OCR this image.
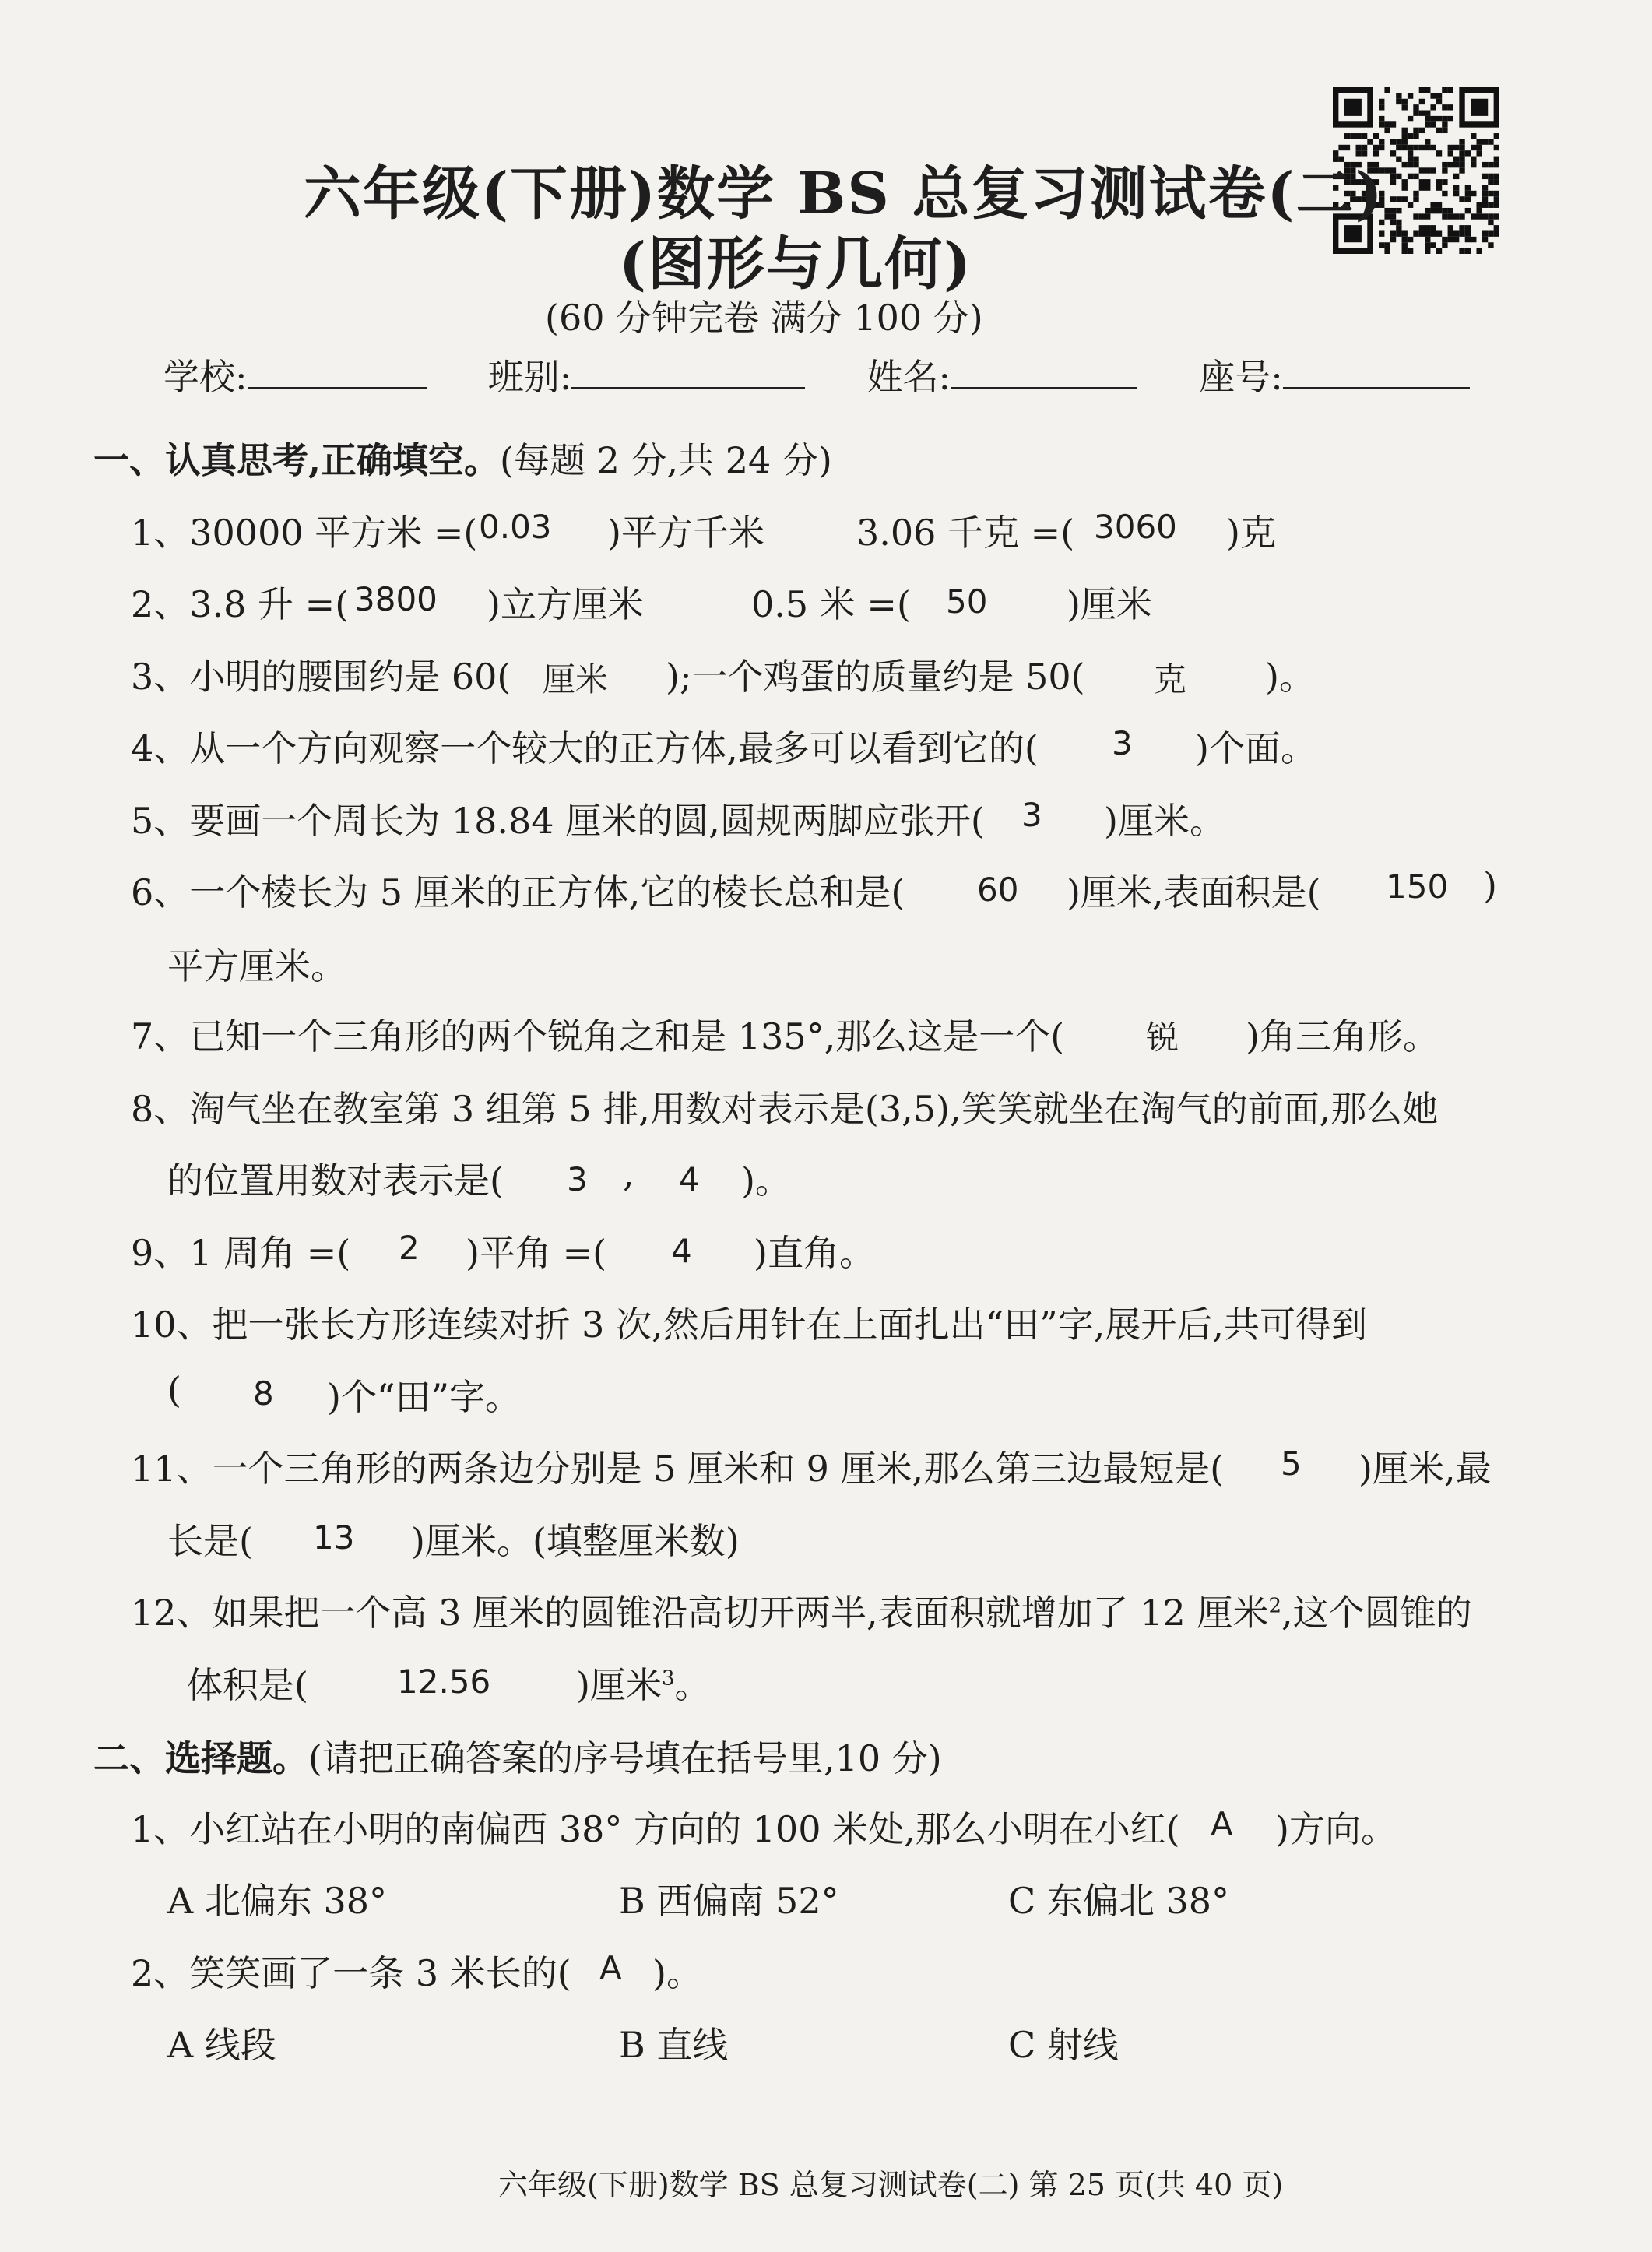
六年级(下册)数学 BS 总复习测试卷(二)
(图形与几何)
(60 分钟完卷 满分 100 分)
学校:	班别:	姓名:	座号:
一、认真思考,正确填空。(每题 2 分,共 24 分)
1、30000 平方米 =( 0.03 )平方千米	3.06 千克 =( 3060 )克
2、3.8 升 =( 3800 )立方厘米	0.5 米 =( 50 )厘米
3、小明的腰围约是 60( 厘米 );一个鸡蛋的质量约是 50( 克 )。
4、从一个方向观察一个较大的正方体,最多可以看到它的( 3 )个面。
5、要画一个周长为 18.84 厘米的圆,圆规两脚应张开( 3 )厘米。
6、一个棱长为 5 厘米的正方体,它的棱长总和是( 60 )厘米,表面积是( 150 )
平方厘米。
7、已知一个三角形的两个锐角之和是 135°,那么这是一个( 锐 )角三角形。
8、淘气坐在教室第 3 组第 5 排,用数对表示是(3,5),笑笑就坐在淘气的前面,那么她
的位置用数对表示是( 3 , 4 )。
9、1 周角 =( 2 )平角 =( 4 )直角。
10、把一张长方形连续对折 3 次,然后用针在上面扎出“田”字,展开后,共可得到
( 8 )个“田”字。
11、一个三角形的两条边分别是 5 厘米和 9 厘米,那么第三边最短是( 5 )厘米,最
长是( 13 )厘米。(填整厘米数)
12、如果把一个高 3 厘米的圆锥沿高切开两半,表面积就增加了 12 厘米$^2$,这个圆锥的
体积是(	12.56 )厘米$^3$。
二、选择题。(请把正确答案的序号填在括号里,10 分)
1、小红站在小明的南偏西 38° 方向的 100 米处,那么小明在小红( A )方向。
A 北偏东 38°	B 西偏南 52°	C 东偏北 38°
2、笑笑画了一条 3 米长的( A )。
A 线段	B 直线	C 射线
六年级(下册)数学 BS 总复习测试卷(二) 第 25 页(共 40 页)
